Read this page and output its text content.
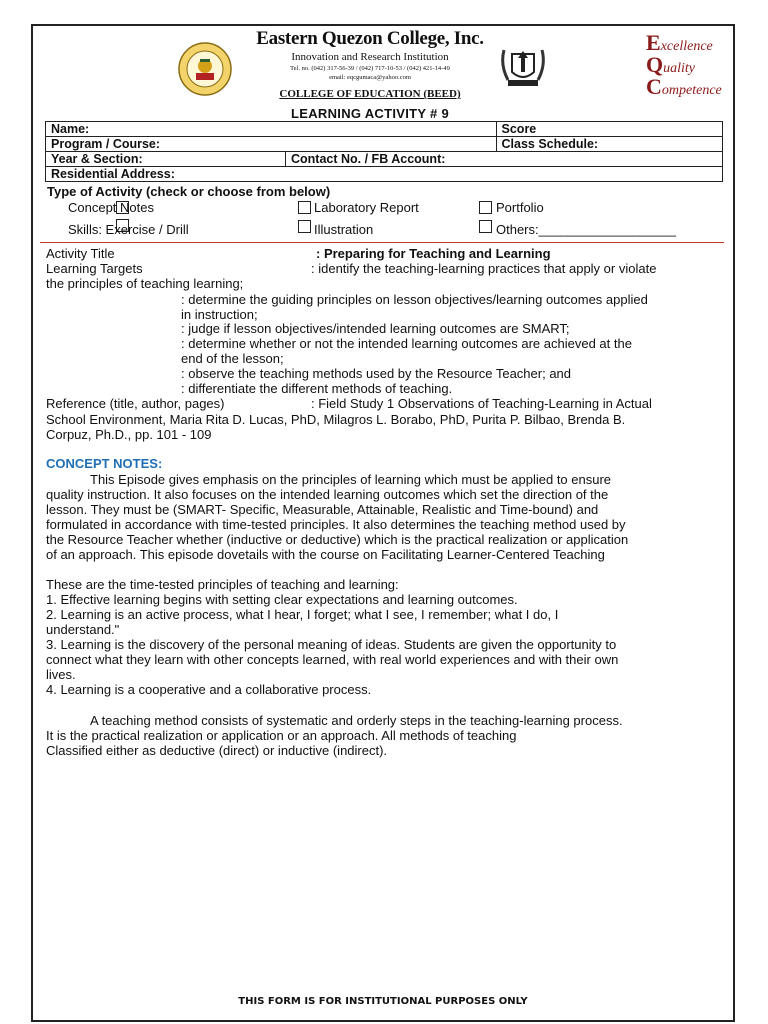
Eastern Quezon College, Inc.
Innovation and Research Institution
Tel. no. (042) 317-56-39 / (042) 717-10-53 / (042) 421-14-49
email: eqcgumaca@yahoo.com
COLLEGE OF EDUCATION (BEED)
LEARNING ACTIVITY # 9
Excellence
Quality
Competence
Name:		Score
Program / Course:		Class Schedule:
Year & Section:	Contact No. / FB Account:	
Residential Address:		
Type of Activity (check or choose from below)
Concept Notes	Laboratory Report	Portfolio
Skills: Exercise / Drill	Illustration	Others:___________________
Activity Title	: Preparing for Teaching and Learning
Learning Targets	: identify the teaching-learning practices that apply or violate
the principles of teaching learning;
: determine the guiding principles on lesson objectives/learning outcomes applied
in instruction;
: judge if lesson objectives/intended learning outcomes are SMART;
: determine whether or not the intended learning outcomes are achieved at the
end of the lesson;
: observe the teaching methods used by the Resource Teacher; and
: differentiate the different methods of teaching.
Reference (title, author, pages)	: Field Study 1 Observations of Teaching-Learning in Actual
School Environment, Maria Rita D. Lucas, PhD, Milagros L. Borabo, PhD, Purita P. Bilbao, Brenda B.
Corpuz, Ph.D., pp. 101 - 109
CONCEPT NOTES:
This Episode gives emphasis on the principles of learning which must be applied to ensure
quality instruction. It also focuses on the intended learning outcomes which set the direction of the
lesson. They must be (SMART- Specific, Measurable, Attainable, Realistic and Time-bound) and
formulated in accordance with time-tested principles. It also determines the teaching method used by
the Resource Teacher whether (inductive or deductive) which is the practical realization or application
of an approach. This episode dovetails with the course on Facilitating Learner-Centered Teaching
These are the time-tested principles of teaching and learning:
1. Effective learning begins with setting clear expectations and learning outcomes.
2. Learning is an active process, what I hear, I forget; what I see, I remember; what I do, I
understand."
3. Learning is the discovery of the personal meaning of ideas. Students are given the opportunity to
connect what they learn with other concepts learned, with real world experiences and with their own
lives.
4. Learning is a cooperative and a collaborative process.
A teaching method consists of systematic and orderly steps in the teaching-learning process.
It is the practical realization or application or an approach. All methods of teaching
Classified either as deductive (direct) or inductive (indirect).
THIS FORM IS FOR INSTITUTIONAL PURPOSES ONLY
